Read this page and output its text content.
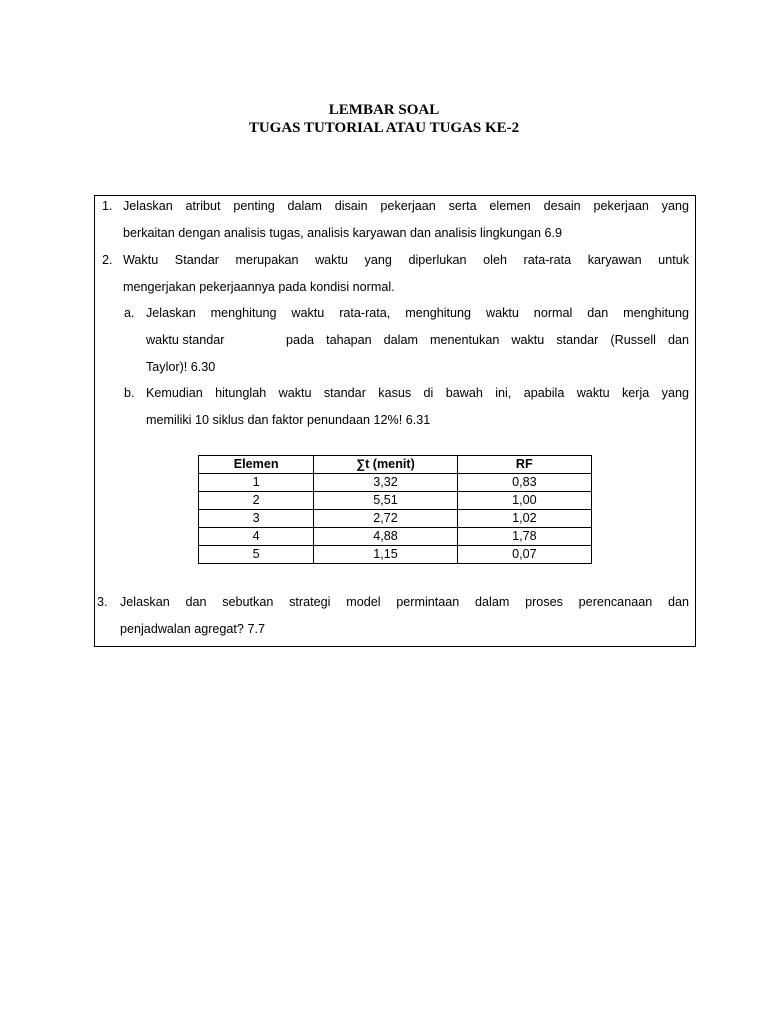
LEMBAR SOAL
TUGAS TUTORIAL ATAU TUGAS KE-2
1. Jelaskan atribut penting dalam disain pekerjaan serta elemen desain pekerjaan yang
berkaitan dengan analisis tugas, analisis karyawan dan analisis lingkungan 6.9
2. Waktu Standar merupakan waktu yang diperlukan oleh rata-rata karyawan untuk
mengerjakan pekerjaannya pada kondisi normal.
a. Jelaskan menghitung waktu rata-rata, menghitung waktu normal dan menghitung
waktu standar	pada tahapan dalam menentukan waktu standar (Russell dan
Taylor)! 6.30
b. Kemudian hitunglah waktu standar kasus di bawah ini, apabila waktu kerja yang
memiliki 10 siklus dan faktor penundaan 12%! 6.31
Elemen	∑t (menit)	RF
1	3,32	0,83
2	5,51	1,00
3	2,72	1,02
4	4,88	1,78
5	1,15	0,07
3. Jelaskan dan sebutkan strategi model permintaan dalam proses perencanaan dan
penjadwalan agregat? 7.7
